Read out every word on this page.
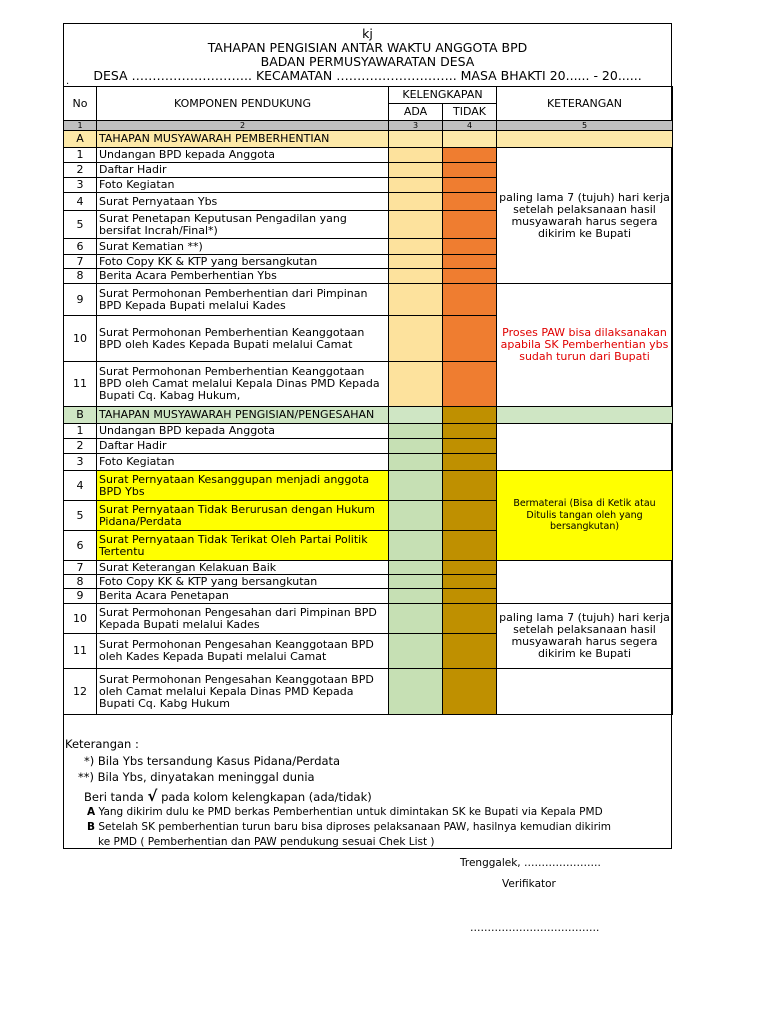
kj
TAHAPAN PENGISIAN ANTAR WAKTU ANGGOTA BPD
BADAN PERMUSYAWARATAN DESA
DESA ……………………….. KECAMATAN ……………………….. MASA BHAKTI 20...... - 20......
.
No	KOMPONEN PENDUKUNG	KELENGKAPAN		KETERANGAN
		ADA	TIDAK	
1	2	3	4	5
A	TAHAPAN MUSYAWARAH PEMBERHENTIAN			
1	Undangan BPD kepada Anggota			paling lama 7 (tujuh) hari kerja setelah pelaksanaan hasil musyawarah harus segera dikirim ke Bupati
2	Daftar Hadir			
3	Foto Kegiatan			
4	Surat Pernyataan Ybs			
5	Surat Penetapan Keputusan Pengadilan yang bersifat Incrah/Final*)			
6	Surat Kematian **)			
7	Foto Copy KK & KTP yang bersangkutan			
8	Berita Acara Pemberhentian Ybs			
9	Surat Permohonan Pemberhentian dari Pimpinan BPD Kepada Bupati melalui Kades			Proses PAW bisa dilaksanakan apabila SK Pemberhentian ybs sudah turun dari Bupati
10	Surat Permohonan Pemberhentian Keanggotaan BPD oleh Kades Kepada Bupati melalui Camat			
11	Surat Permohonan Pemberhentian Keanggotaan BPD oleh Camat melalui Kepala Dinas PMD Kepada Bupati Cq. Kabag Hukum,			
B	TAHAPAN MUSYAWARAH PENGISIAN/PENGESAHAN			
1	Undangan BPD kepada Anggota			
2	Daftar Hadir			
3	Foto Kegiatan			
4	Surat Pernyataan Kesanggupan menjadi anggota BPD Ybs			Bermaterai (Bisa di Ketik atau Ditulis tangan oleh yang bersangkutan)
5	Surat Pernyataan Tidak Berurusan dengan Hukum Pidana/Perdata			
6	Surat Pernyataan Tidak Terikat Oleh Partai Politik Tertentu			
7	Surat Keterangan Kelakuan Baik			
8	Foto Copy KK & KTP yang bersangkutan			
9	Berita Acara Penetapan			
10	Surat Permohonan Pengesahan dari Pimpinan BPD Kepada Bupati melalui Kades			paling lama 7 (tujuh) hari kerja setelah pelaksanaan hasil musyawarah harus segera dikirim ke Bupati
11	Surat Permohonan Pengesahan Keanggotaan BPD oleh Kades Kepada Bupati melalui Camat			
12	Surat Permohonan Pengesahan Keanggotaan BPD oleh Camat melalui Kepala Dinas PMD Kepada Bupati Cq. Kabg Hukum			
Keterangan :
*) Bila Ybs tersandung Kasus Pidana/Perdata
**) Bila Ybs, dinyatakan meninggal dunia
Beri tanda √ pada kolom kelengkapan (ada/tidak)
A Yang dikirim dulu ke PMD berkas Pemberhentian untuk dimintakan SK ke Bupati via Kepala PMD
B Setelah SK pemberhentian turun baru bisa diproses pelaksanaan PAW, hasilnya kemudian dikirim
ke PMD ( Pemberhentian dan PAW pendukung sesuai Chek List )
Trenggalek, ………………….
Verifikator
……………………………….
